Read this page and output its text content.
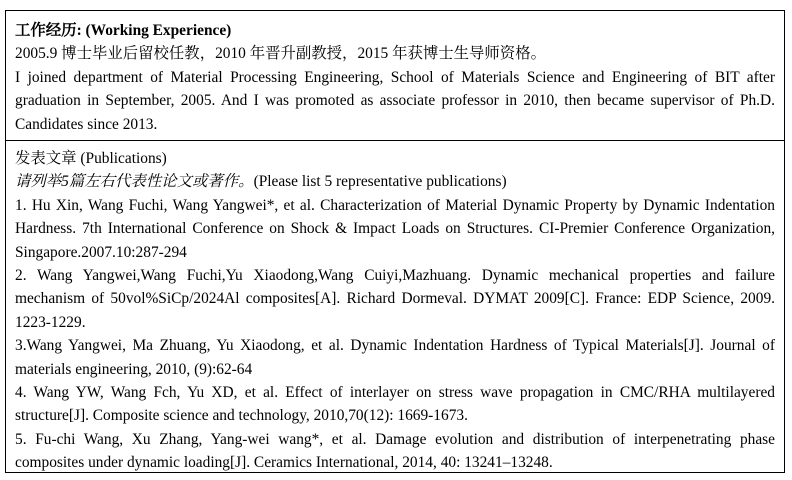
工作经历: (Working Experience)

2005.9 博士毕业后留校任教，2010 年晋升副教授，2015 年获博士生导师资格。

I joined department of Material Processing Engineering, School of Materials Science and Engineering of BIT after graduation in September, 2005. And I was promoted as associate professor in 2010, then became supervisor of Ph.D. Candidates since 2013.

发表文章 (Publications)
请列举5篇左右代表性论文或著作。(Please list 5 representative publications)

1. Hu Xin, Wang Fuchi, Wang Yangwei*, et al. Characterization of Material Dynamic Property by Dynamic Indentation Hardness. 7th International Conference on Shock & Impact Loads on Structures. CI-Premier Conference Organization, Singapore.2007.10:287-294

2. Wang Yangwei,Wang Fuchi,Yu Xiaodong,Wang Cuiyi,Mazhuang. Dynamic mechanical properties and failure mechanism of 50vol%SiCp/2024Al composites[A]. Richard Dormeval. DYMAT 2009[C]. France: EDP Science, 2009. 1223-1229.

3.Wang Yangwei, Ma Zhuang, Yu Xiaodong, et al. Dynamic Indentation Hardness of Typical Materials[J]. Journal of materials engineering, 2010, (9):62-64

4. Wang YW, Wang Fch, Yu XD, et al. Effect of interlayer on stress wave propagation in CMC/RHA multilayered structure[J]. Composite science and technology, 2010,70(12): 1669-1673.

5. Fu-chi Wang, Xu Zhang, Yang-wei wang*, et al. Damage evolution and distribution of interpenetrating phase composites under dynamic loading[J]. Ceramics International, 2014, 40: 13241–13248.
